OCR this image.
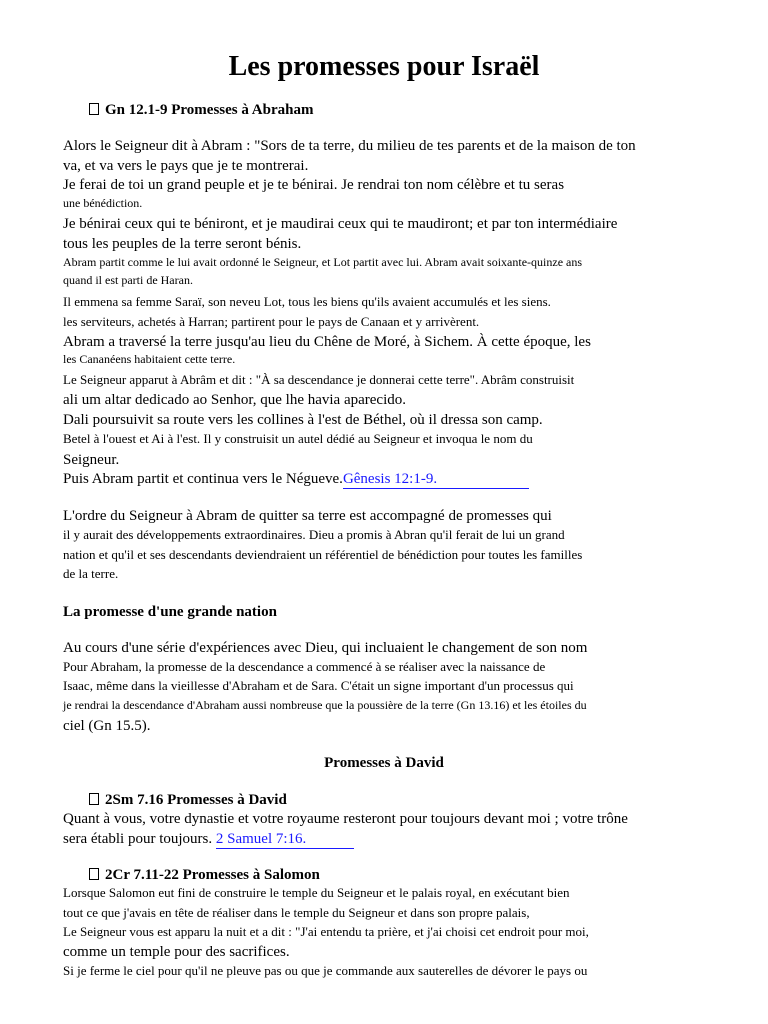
Les promesses pour Israël
Gn 12.1-9 Promesses à Abraham
Alors le Seigneur dit à Abram : "Sors de ta terre, du milieu de tes parents et de la maison de ton
va, et va vers le pays que je te montrerai.
Je ferai de toi un grand peuple et je te bénirai. Je rendrai ton nom célèbre et tu seras
une bénédiction.
Je bénirai ceux qui te béniront, et je maudirai ceux qui te maudiront; et par ton intermédiaire
tous les peuples de la terre seront bénis.
Abram partit comme le lui avait ordonné le Seigneur, et Lot partit avec lui. Abram avait soixante-quinze ans
quand il est parti de Haran.
Il emmena sa femme Saraï, son neveu Lot, tous les biens qu'ils avaient accumulés et les siens.
les serviteurs, achetés à Harran; partirent pour le pays de Canaan et y arrivèrent.
Abram a traversé la terre jusqu'au lieu du Chêne de Moré, à Sichem. À cette époque, les
les Cananéens habitaient cette terre.
Le Seigneur apparut à Abrâm et dit : "À sa descendance je donnerai cette terre". Abrâm construisit
ali um altar dedicado ao Senhor, que lhe havia aparecido.
Dali poursuivit sa route vers les collines à l'est de Béthel, où il dressa son camp.
Betel à l'ouest et Ai à l'est. Il y construisit un autel dédié au Seigneur et invoqua le nom du
Seigneur.
Puis Abram partit et continua vers le Négueve.Gênesis 12:1-9.
L'ordre du Seigneur à Abram de quitter sa terre est accompagné de promesses qui
il y aurait des développements extraordinaires. Dieu a promis à Abran qu'il ferait de lui un grand
nation et qu'il et ses descendants deviendraient un référentiel de bénédiction pour toutes les familles
de la terre.
La promesse d'une grande nation
Au cours d'une série d'expériences avec Dieu, qui incluaient le changement de son nom
Pour Abraham, la promesse de la descendance a commencé à se réaliser avec la naissance de
Isaac, même dans la vieillesse d'Abraham et de Sara. C'était un signe important d'un processus qui
je rendrai la descendance d'Abraham aussi nombreuse que la poussière de la terre (Gn 13.16) et les étoiles du
ciel (Gn 15.5).
Promesses à David
2Sm 7.16 Promesses à David
Quant à vous, votre dynastie et votre royaume resteront pour toujours devant moi ; votre trône
sera établi pour toujours. 2 Samuel 7:16.
2Cr 7.11-22 Promesses à Salomon
Lorsque Salomon eut fini de construire le temple du Seigneur et le palais royal, en exécutant bien
tout ce que j'avais en tête de réaliser dans le temple du Seigneur et dans son propre palais,
Le Seigneur vous est apparu la nuit et a dit : "J'ai entendu ta prière, et j'ai choisi cet endroit pour moi,
comme un temple pour des sacrifices.
Si je ferme le ciel pour qu'il ne pleuve pas ou que je commande aux sauterelles de dévorer le pays ou
